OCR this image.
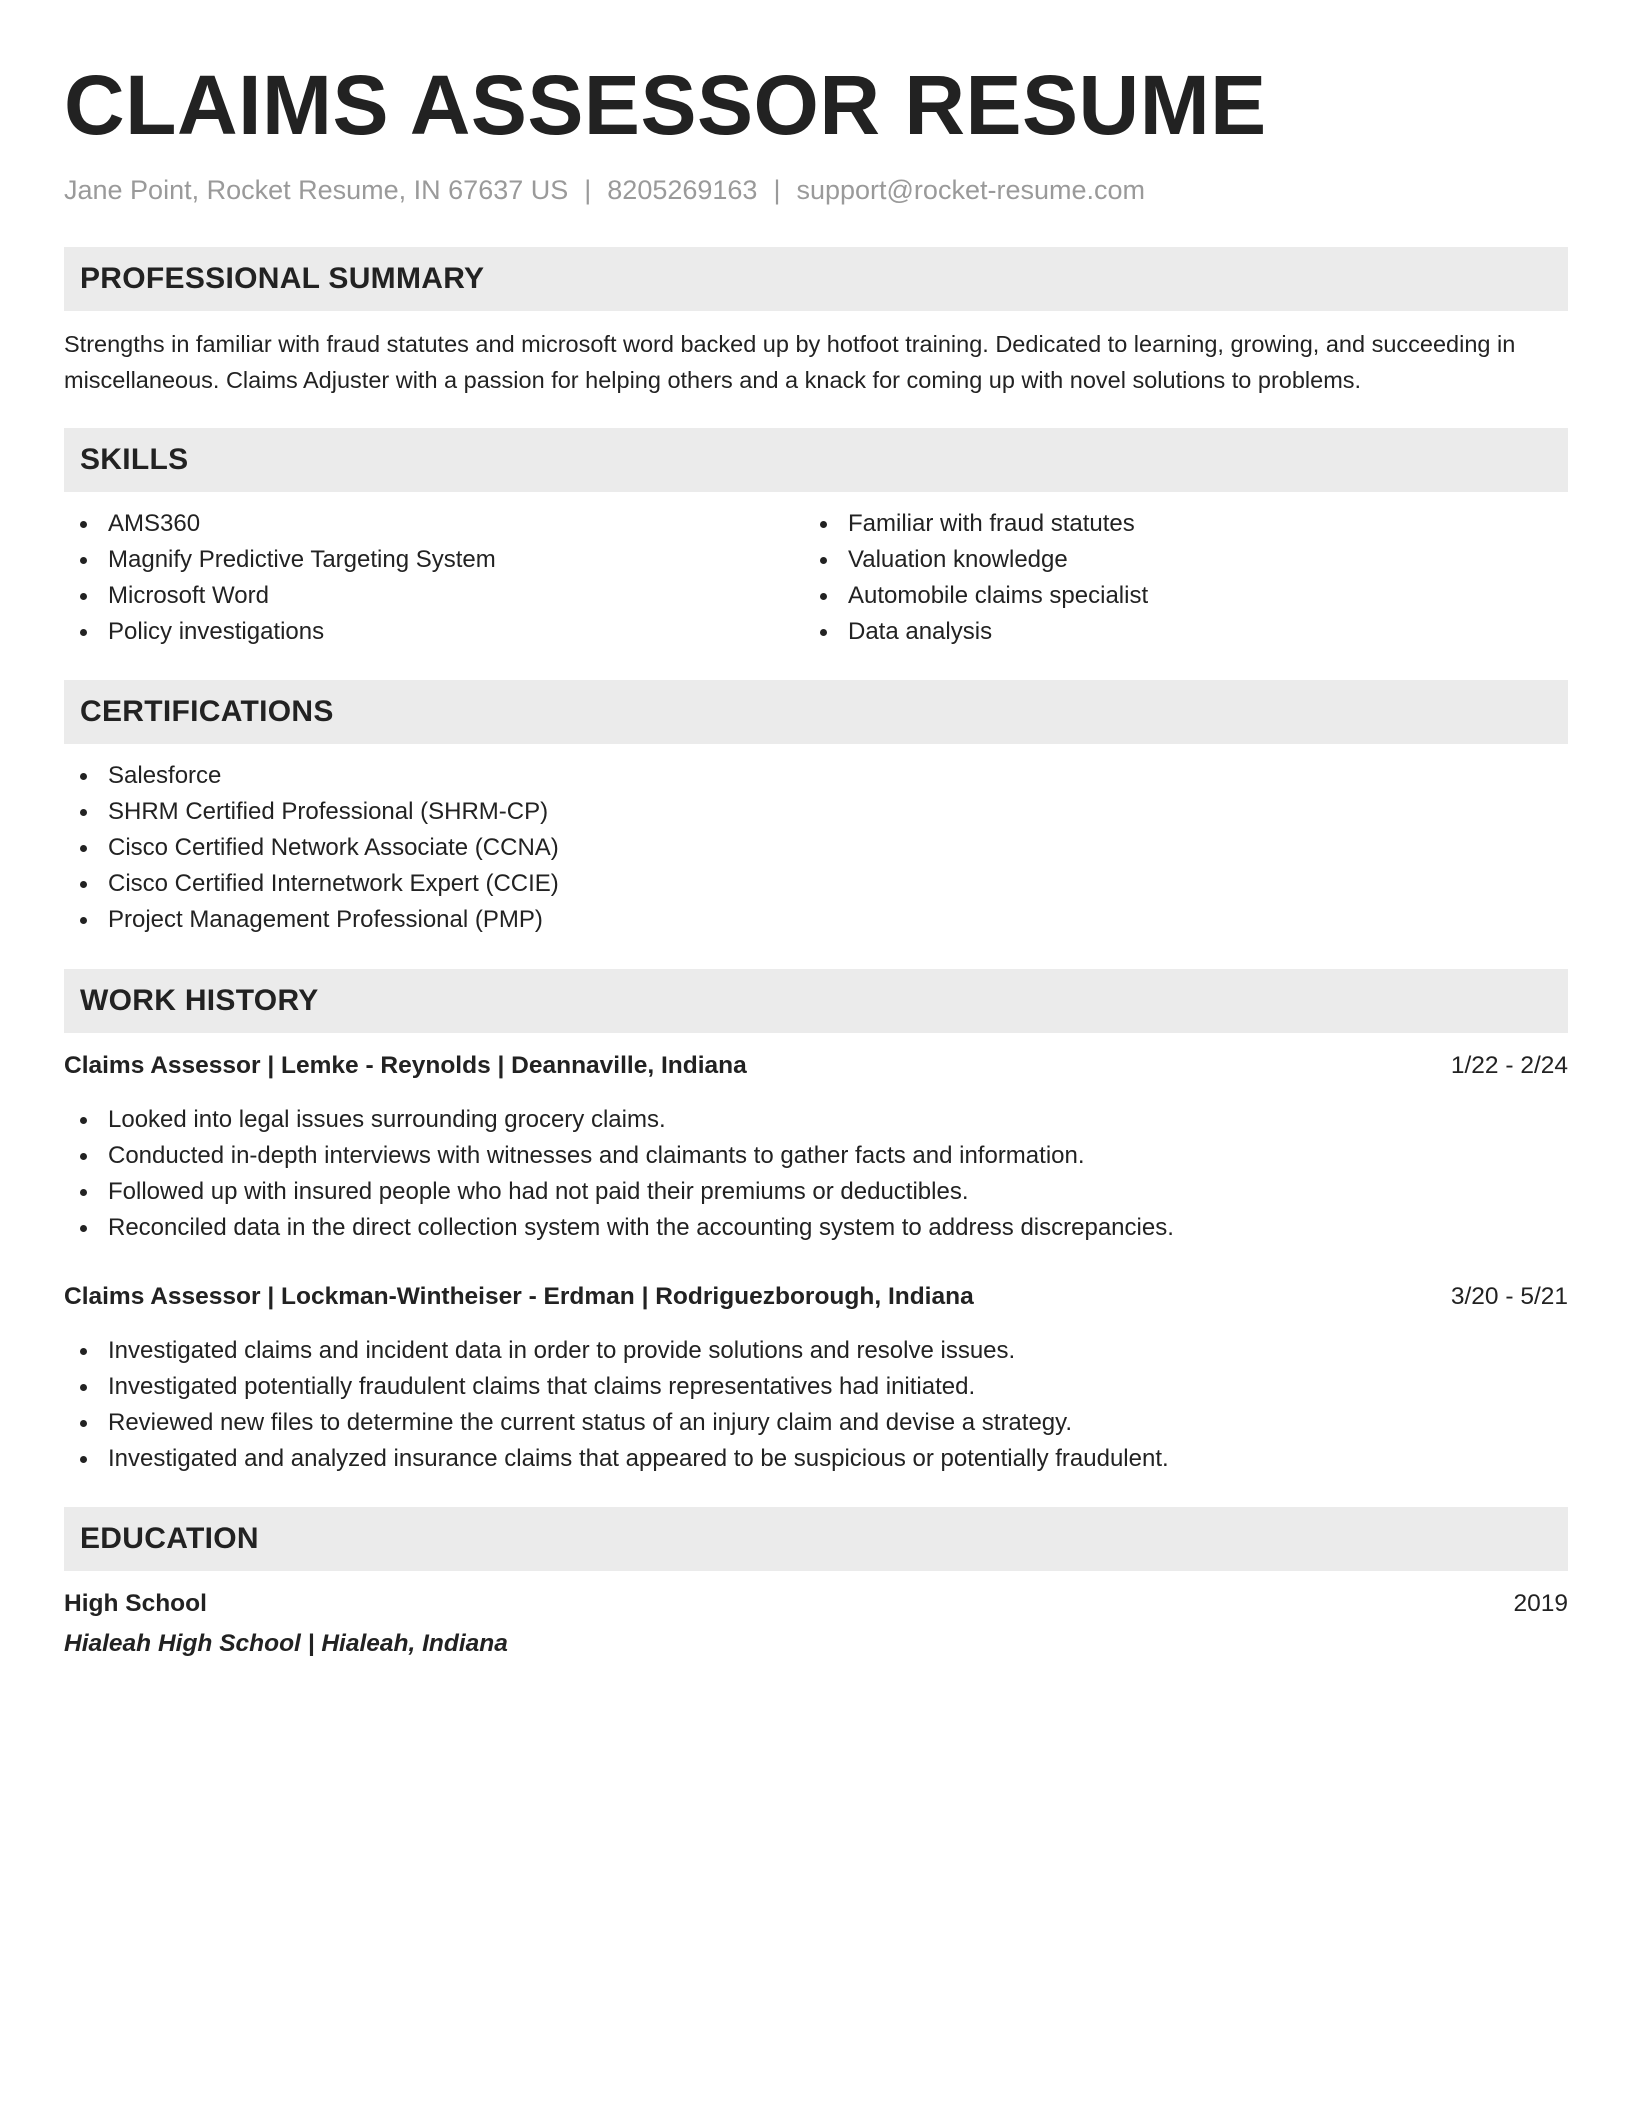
CLAIMS ASSESSOR RESUME
Jane Point, Rocket Resume, IN 67637 US | 8205269163 | support@rocket-resume.com
PROFESSIONAL SUMMARY
Strengths in familiar with fraud statutes and microsoft word backed up by hotfoot training. Dedicated to learning, growing, and succeeding in miscellaneous. Claims Adjuster with a passion for helping others and a knack for coming up with novel solutions to problems.
SKILLS
AMS360
Magnify Predictive Targeting System
Microsoft Word
Policy investigations
Familiar with fraud statutes
Valuation knowledge
Automobile claims specialist
Data analysis
CERTIFICATIONS
Salesforce
SHRM Certified Professional (SHRM-CP)
Cisco Certified Network Associate (CCNA)
Cisco Certified Internetwork Expert (CCIE)
Project Management Professional (PMP)
WORK HISTORY
Claims Assessor | Lemke - Reynolds | Deannaville, Indiana	1/22 - 2/24
Looked into legal issues surrounding grocery claims.
Conducted in-depth interviews with witnesses and claimants to gather facts and information.
Followed up with insured people who had not paid their premiums or deductibles.
Reconciled data in the direct collection system with the accounting system to address discrepancies.
Claims Assessor | Lockman-Wintheiser - Erdman | Rodriguezborough, Indiana	3/20 - 5/21
Investigated claims and incident data in order to provide solutions and resolve issues.
Investigated potentially fraudulent claims that claims representatives had initiated.
Reviewed new files to determine the current status of an injury claim and devise a strategy.
Investigated and analyzed insurance claims that appeared to be suspicious or potentially fraudulent.
EDUCATION
High School	2019
Hialeah High School | Hialeah, Indiana
